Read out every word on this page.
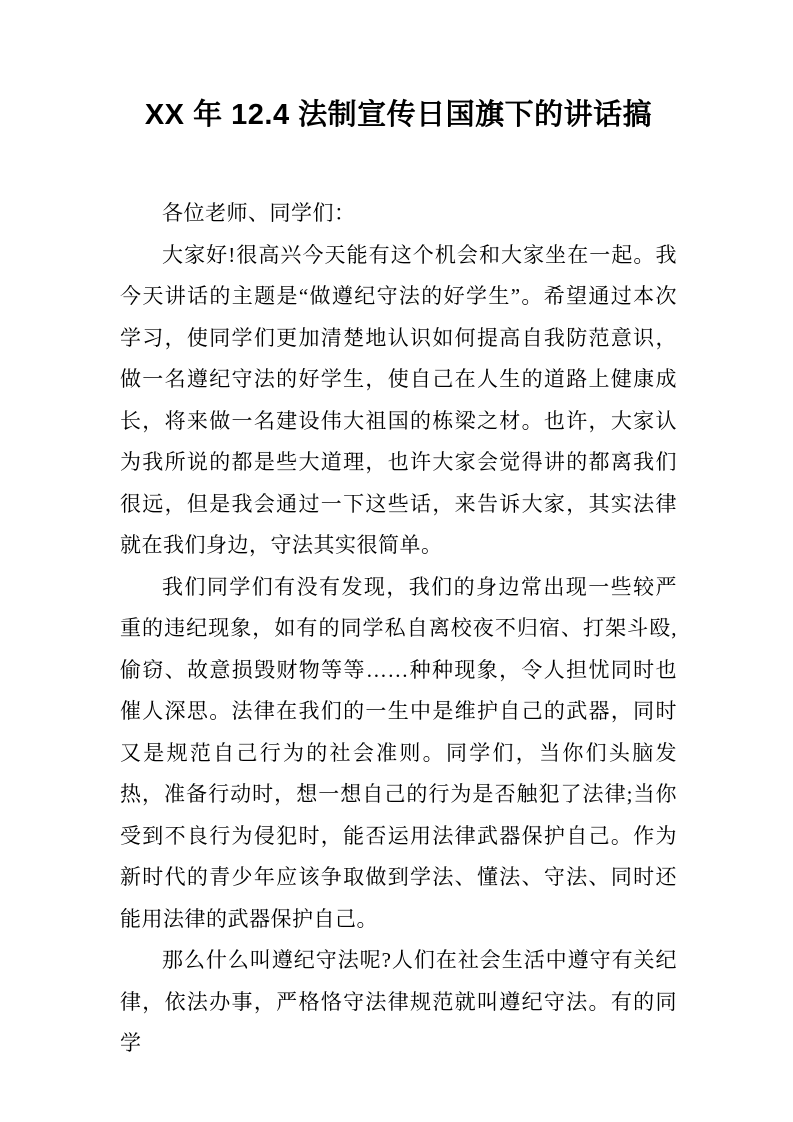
XX 年 12.4 法制宣传日国旗下的讲话搞

各位老师、同学们：

大家好!很高兴今天能有这个机会和大家坐在一起。我今天讲话的主题是“做遵纪守法的好学生”。希望通过本次学习，使同学们更加清楚地认识如何提高自我防范意识，做一名遵纪守法的好学生，使自己在人生的道路上健康成长，将来做一名建设伟大祖国的栋梁之材。也许，大家认为我所说的都是些大道理，也许大家会觉得讲的都离我们很远，但是我会通过一下这些话，来告诉大家，其实法律就在我们身边，守法其实很简单。

我们同学们有没有发现，我们的身边常出现一些较严重的违纪现象，如有的同学私自离校夜不归宿、打架斗殴,偷窃、故意损毁财物等等……种种现象，令人担忧同时也催人深思。法律在我们的一生中是维护自己的武器，同时又是规范自己行为的社会准则。同学们，当你们头脑发热，准备行动时，想一想自己的行为是否触犯了法律;当你受到不良行为侵犯时，能否运用法律武器保护自己。作为新时代的青少年应该争取做到学法、懂法、守法、同时还能用法律的武器保护自己。

那么什么叫遵纪守法呢?人们在社会生活中遵守有关纪律，依法办事，严格恪守法律规范就叫遵纪守法。有的同学
